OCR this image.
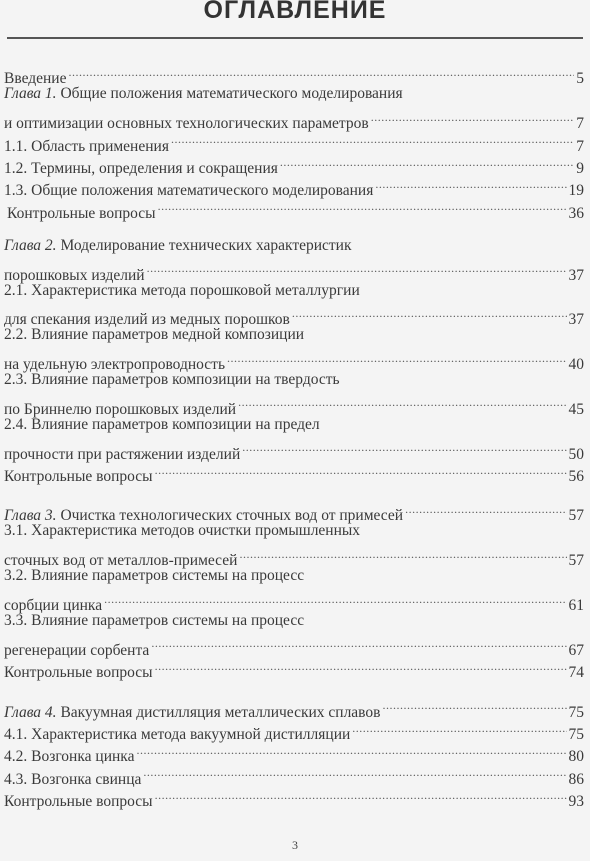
ОГЛАВЛЕНИЕ
Введение .....	5
Глава 1. Общие положения математического моделирования
и оптимизации основных технологических параметров .....	7
1.1. Область применения .....	7
1.2. Термины, определения и сокращения .....	9
1.3. Общие положения математического моделирования .....	19
Контрольные вопросы .....	36
Глава 2. Моделирование технических характеристик
порошковых изделий .....	37
2.1. Характеристика метода порошковой металлургии
для спекания изделий из медных порошков .....	37
2.2. Влияние параметров медной композиции
на удельную электропроводность .....	40
2.3. Влияние параметров композиции на твердость
по Бриннелю порошковых изделий .....	45
2.4. Влияние параметров композиции на предел
прочности при растяжении изделий .....	50
Контрольные вопросы .....	56
Глава 3. Очистка технологических сточных вод от примесей .....	57
3.1. Характеристика методов очистки промышленных
сточных вод от металлов-примесей .....	57
3.2. Влияние параметров системы на процесс
сорбции цинка .....	61
3.3. Влияние параметров системы на процесс
регенерации сорбента .....	67
Контрольные вопросы .....	74
Глава 4. Вакуумная дистилляция металлических сплавов .....	75
4.1. Характеристика метода вакуумной дистилляции .....	75
4.2. Возгонка цинка .....	80
4.3. Возгонка свинца .....	86
Контрольные вопросы .....	93
3
